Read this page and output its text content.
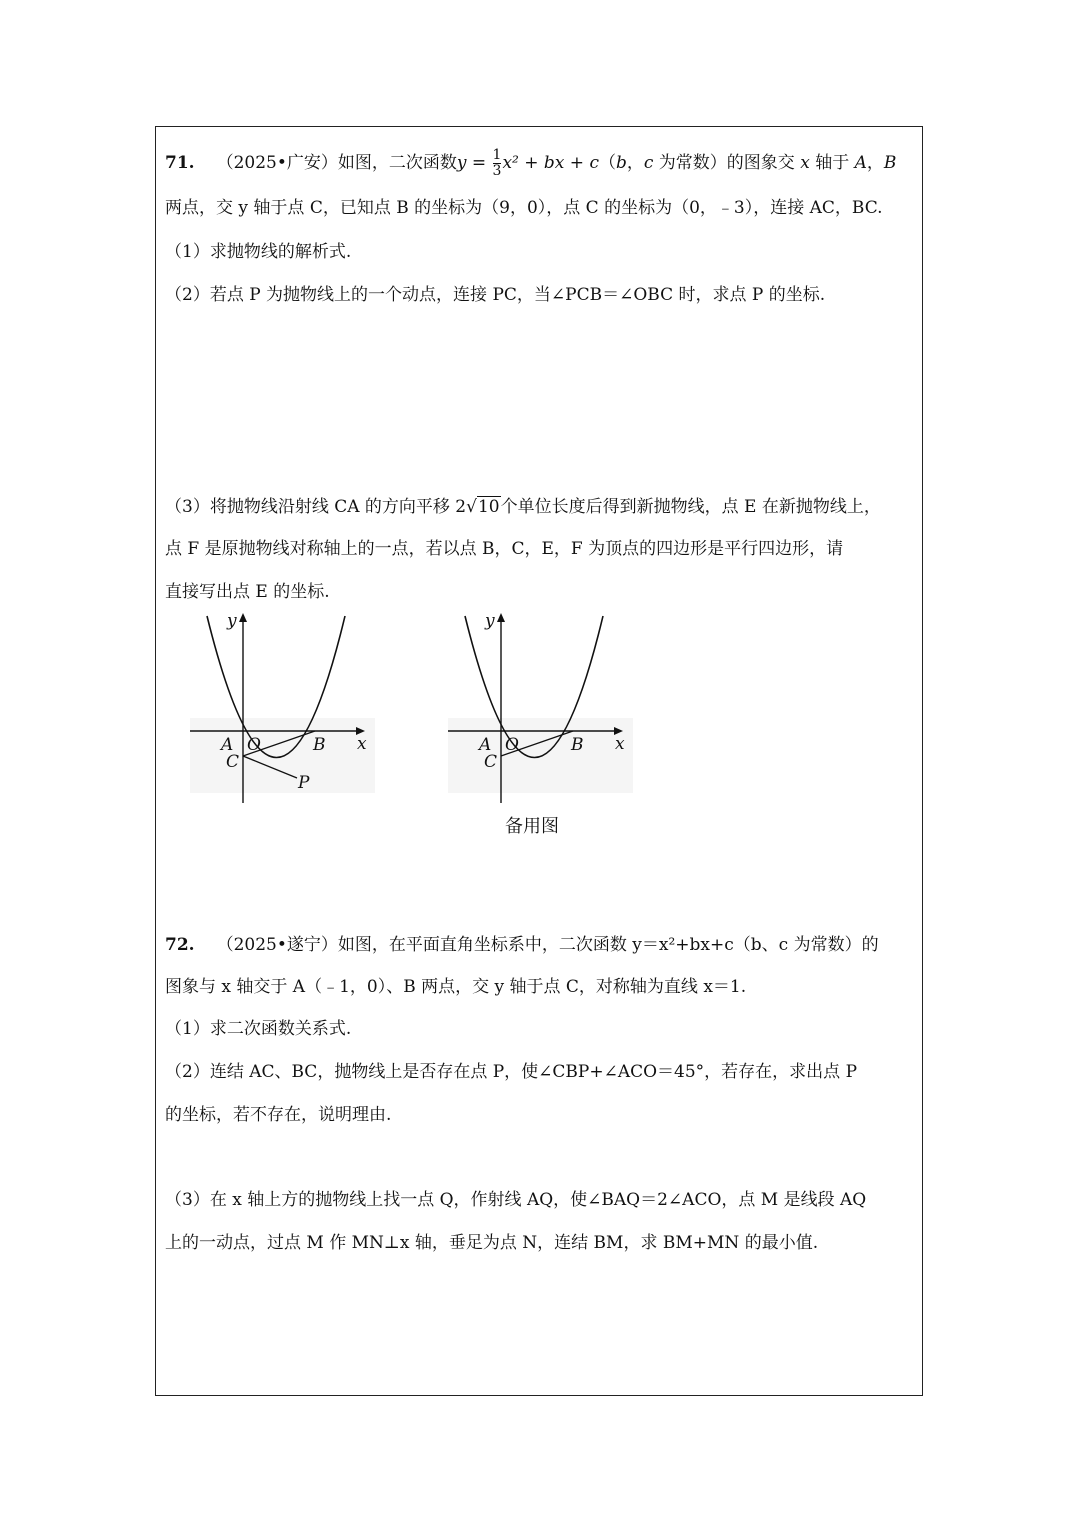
71. （2025•广安）如图，二次函数$y = \frac{1}{3} x^2$ + bx + c（b，c 为常数）的图象交 x 轴于 A，B
两点，交 y 轴于点 C，已知点 B 的坐标为（9，0），点 C 的坐标为（0，﹣3），连接 AC，BC.
（1）求抛物线的解析式.
（2）若点 P 为抛物线上的一个动点，连接 PC，当∠PCB＝∠OBC 时，求点 P 的坐标.
（3）将抛物线沿射线 CA 的方向平移 2√10个单位长度后得到新抛物线，点 E 在新抛物线上，
点 F 是原抛物线对称轴上的一点，若以点 B，C，E，F 为顶点的四边形是平行四边形，请
直接写出点 E 的坐标.
y
x
A O	B
C
P
y
x
A O	B
C
备用图
72. （2025•遂宁）如图，在平面直角坐标系中，二次函数 y＝x²+bx+c（b、c 为常数）的
图象与 x 轴交于 A（﹣1，0）、B 两点，交 y 轴于点 C，对称轴为直线 x＝1.
（1）求二次函数关系式.
（2）连结 AC、BC，抛物线上是否存在点 P，使∠CBP+∠ACO＝45°，若存在，求出点 P
的坐标，若不存在，说明理由.
（3）在 x 轴上方的抛物线上找一点 Q，作射线 AQ，使∠BAQ＝2∠ACO，点 M 是线段 AQ
上的一动点，过点 M 作 MN⊥x 轴，垂足为点 N，连结 BM，求 BM+MN 的最小值.
